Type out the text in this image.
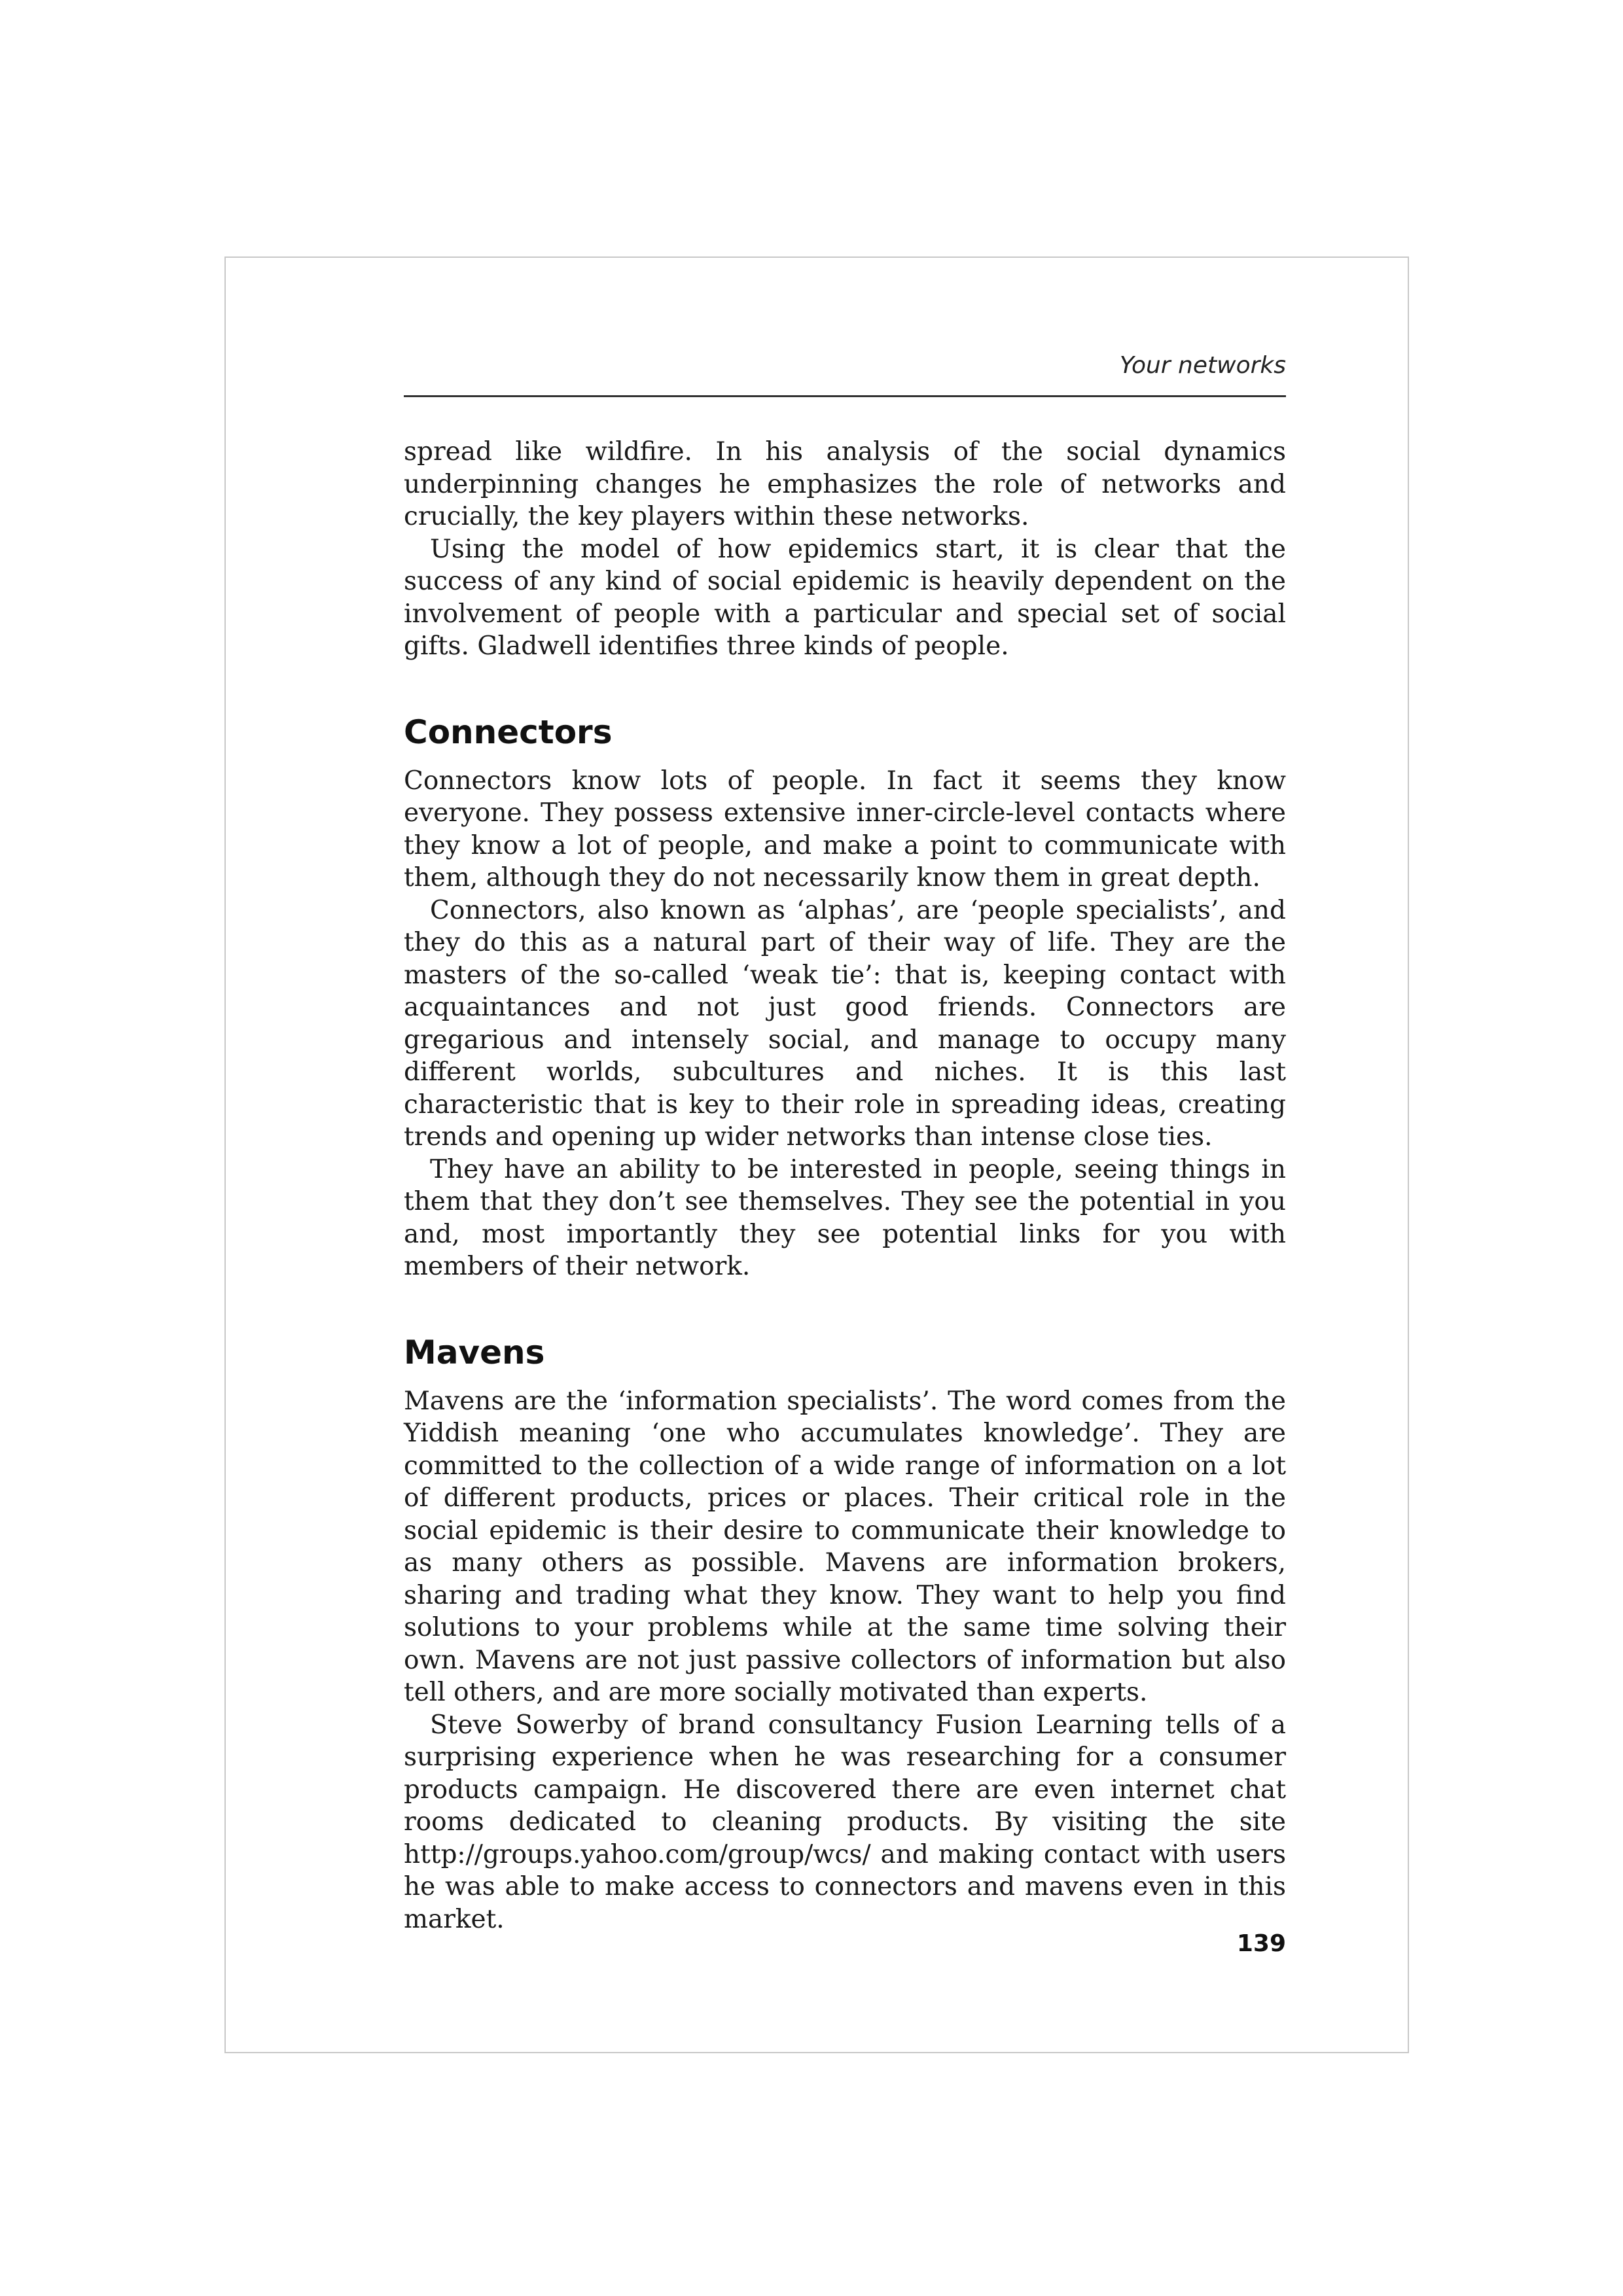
Your networks

spread like wildfire. In his analysis of the social dynamics underpinning changes he emphasizes the role of networks and crucially, the key players within these networks.

Using the model of how epidemics start, it is clear that the success of any kind of social epidemic is heavily dependent on the involvement of people with a particular and special set of social gifts. Gladwell identifies three kinds of people.

Connectors

Connectors know lots of people. In fact it seems they know everyone. They possess extensive inner-circle-level contacts where they know a lot of people, and make a point to communicate with them, although they do not necessarily know them in great depth.

Connectors, also known as ‘alphas’, are ‘people specialists’, and they do this as a natural part of their way of life. They are the masters of the so-called ‘weak tie’: that is, keeping contact with acquaintances and not just good friends. Connectors are gregarious and intensely social, and manage to occupy many different worlds, subcultures and niches. It is this last characteristic that is key to their role in spreading ideas, creating trends and opening up wider networks than intense close ties.

They have an ability to be interested in people, seeing things in them that they don’t see themselves. They see the potential in you and, most importantly they see potential links for you with members of their network.

Mavens

Mavens are the ‘information specialists’. The word comes from the Yiddish meaning ‘one who accumulates knowledge’. They are committed to the collection of a wide range of information on a lot of different products, prices or places. Their critical role in the social epidemic is their desire to communicate their knowledge to as many others as possible. Mavens are information brokers, sharing and trading what they know. They want to help you find solutions to your problems while at the same time solving their own. Mavens are not just passive collectors of information but also tell others, and are more socially motivated than experts.

Steve Sowerby of brand consultancy Fusion Learning tells of a surprising experience when he was researching for a consumer products campaign. He discovered there are even internet chat rooms dedicated to cleaning products. By visiting the site http://groups.yahoo.com/group/wcs/ and making contact with users he was able to make access to connectors and mavens even in this market.

139
